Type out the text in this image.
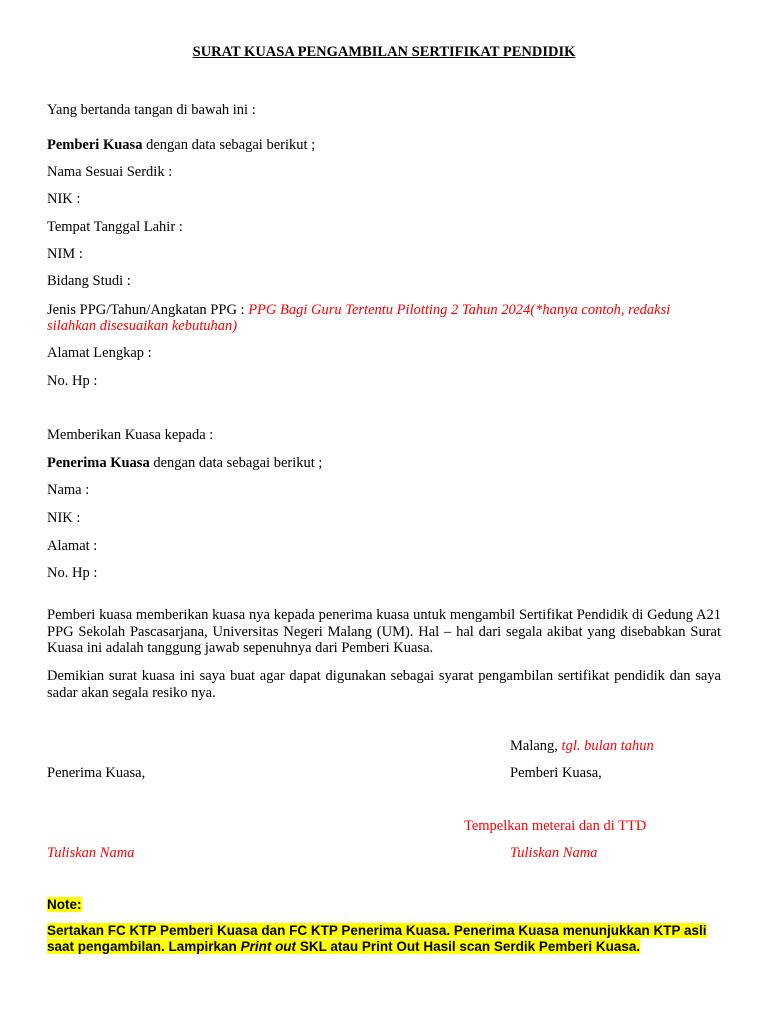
SURAT KUASA PENGAMBILAN SERTIFIKAT PENDIDIK
Yang bertanda tangan di bawah ini :
Pemberi Kuasa dengan data sebagai berikut ;
Nama Sesuai Serdik :
NIK :
Tempat Tanggal Lahir :
NIM :
Bidang Studi :
Jenis PPG/Tahun/Angkatan PPG : PPG Bagi Guru Tertentu Pilotting 2 Tahun 2024(*hanya contoh, redaksi silahkan disesuaikan kebutuhan)
Alamat Lengkap :
No. Hp :
Memberikan Kuasa kepada :
Penerima Kuasa dengan data sebagai berikut ;
Nama :
NIK :
Alamat :
No. Hp :
Pemberi kuasa memberikan kuasa nya kepada penerima kuasa untuk mengambil Sertifikat Pendidik di Gedung A21 PPG Sekolah Pascasarjana, Universitas Negeri Malang (UM). Hal – hal dari segala akibat yang disebabkan Surat Kuasa ini adalah tanggung jawab sepenuhnya dari Pemberi Kuasa.
Demikian surat kuasa ini saya buat agar dapat digunakan sebagai syarat pengambilan sertifikat pendidik dan saya sadar akan segala resiko nya.
Malang, tgl. bulan tahun
Penerima Kuasa,	Pemberi Kuasa,
Tempelkan meterai dan di TTD
Tuliskan Nama	Tuliskan Nama
Note:
Sertakan FC KTP Pemberi Kuasa dan FC KTP Penerima Kuasa. Penerima Kuasa menunjukkan KTP asli saat pengambilan. Lampirkan Print out SKL atau Print Out Hasil scan Serdik Pemberi Kuasa.
